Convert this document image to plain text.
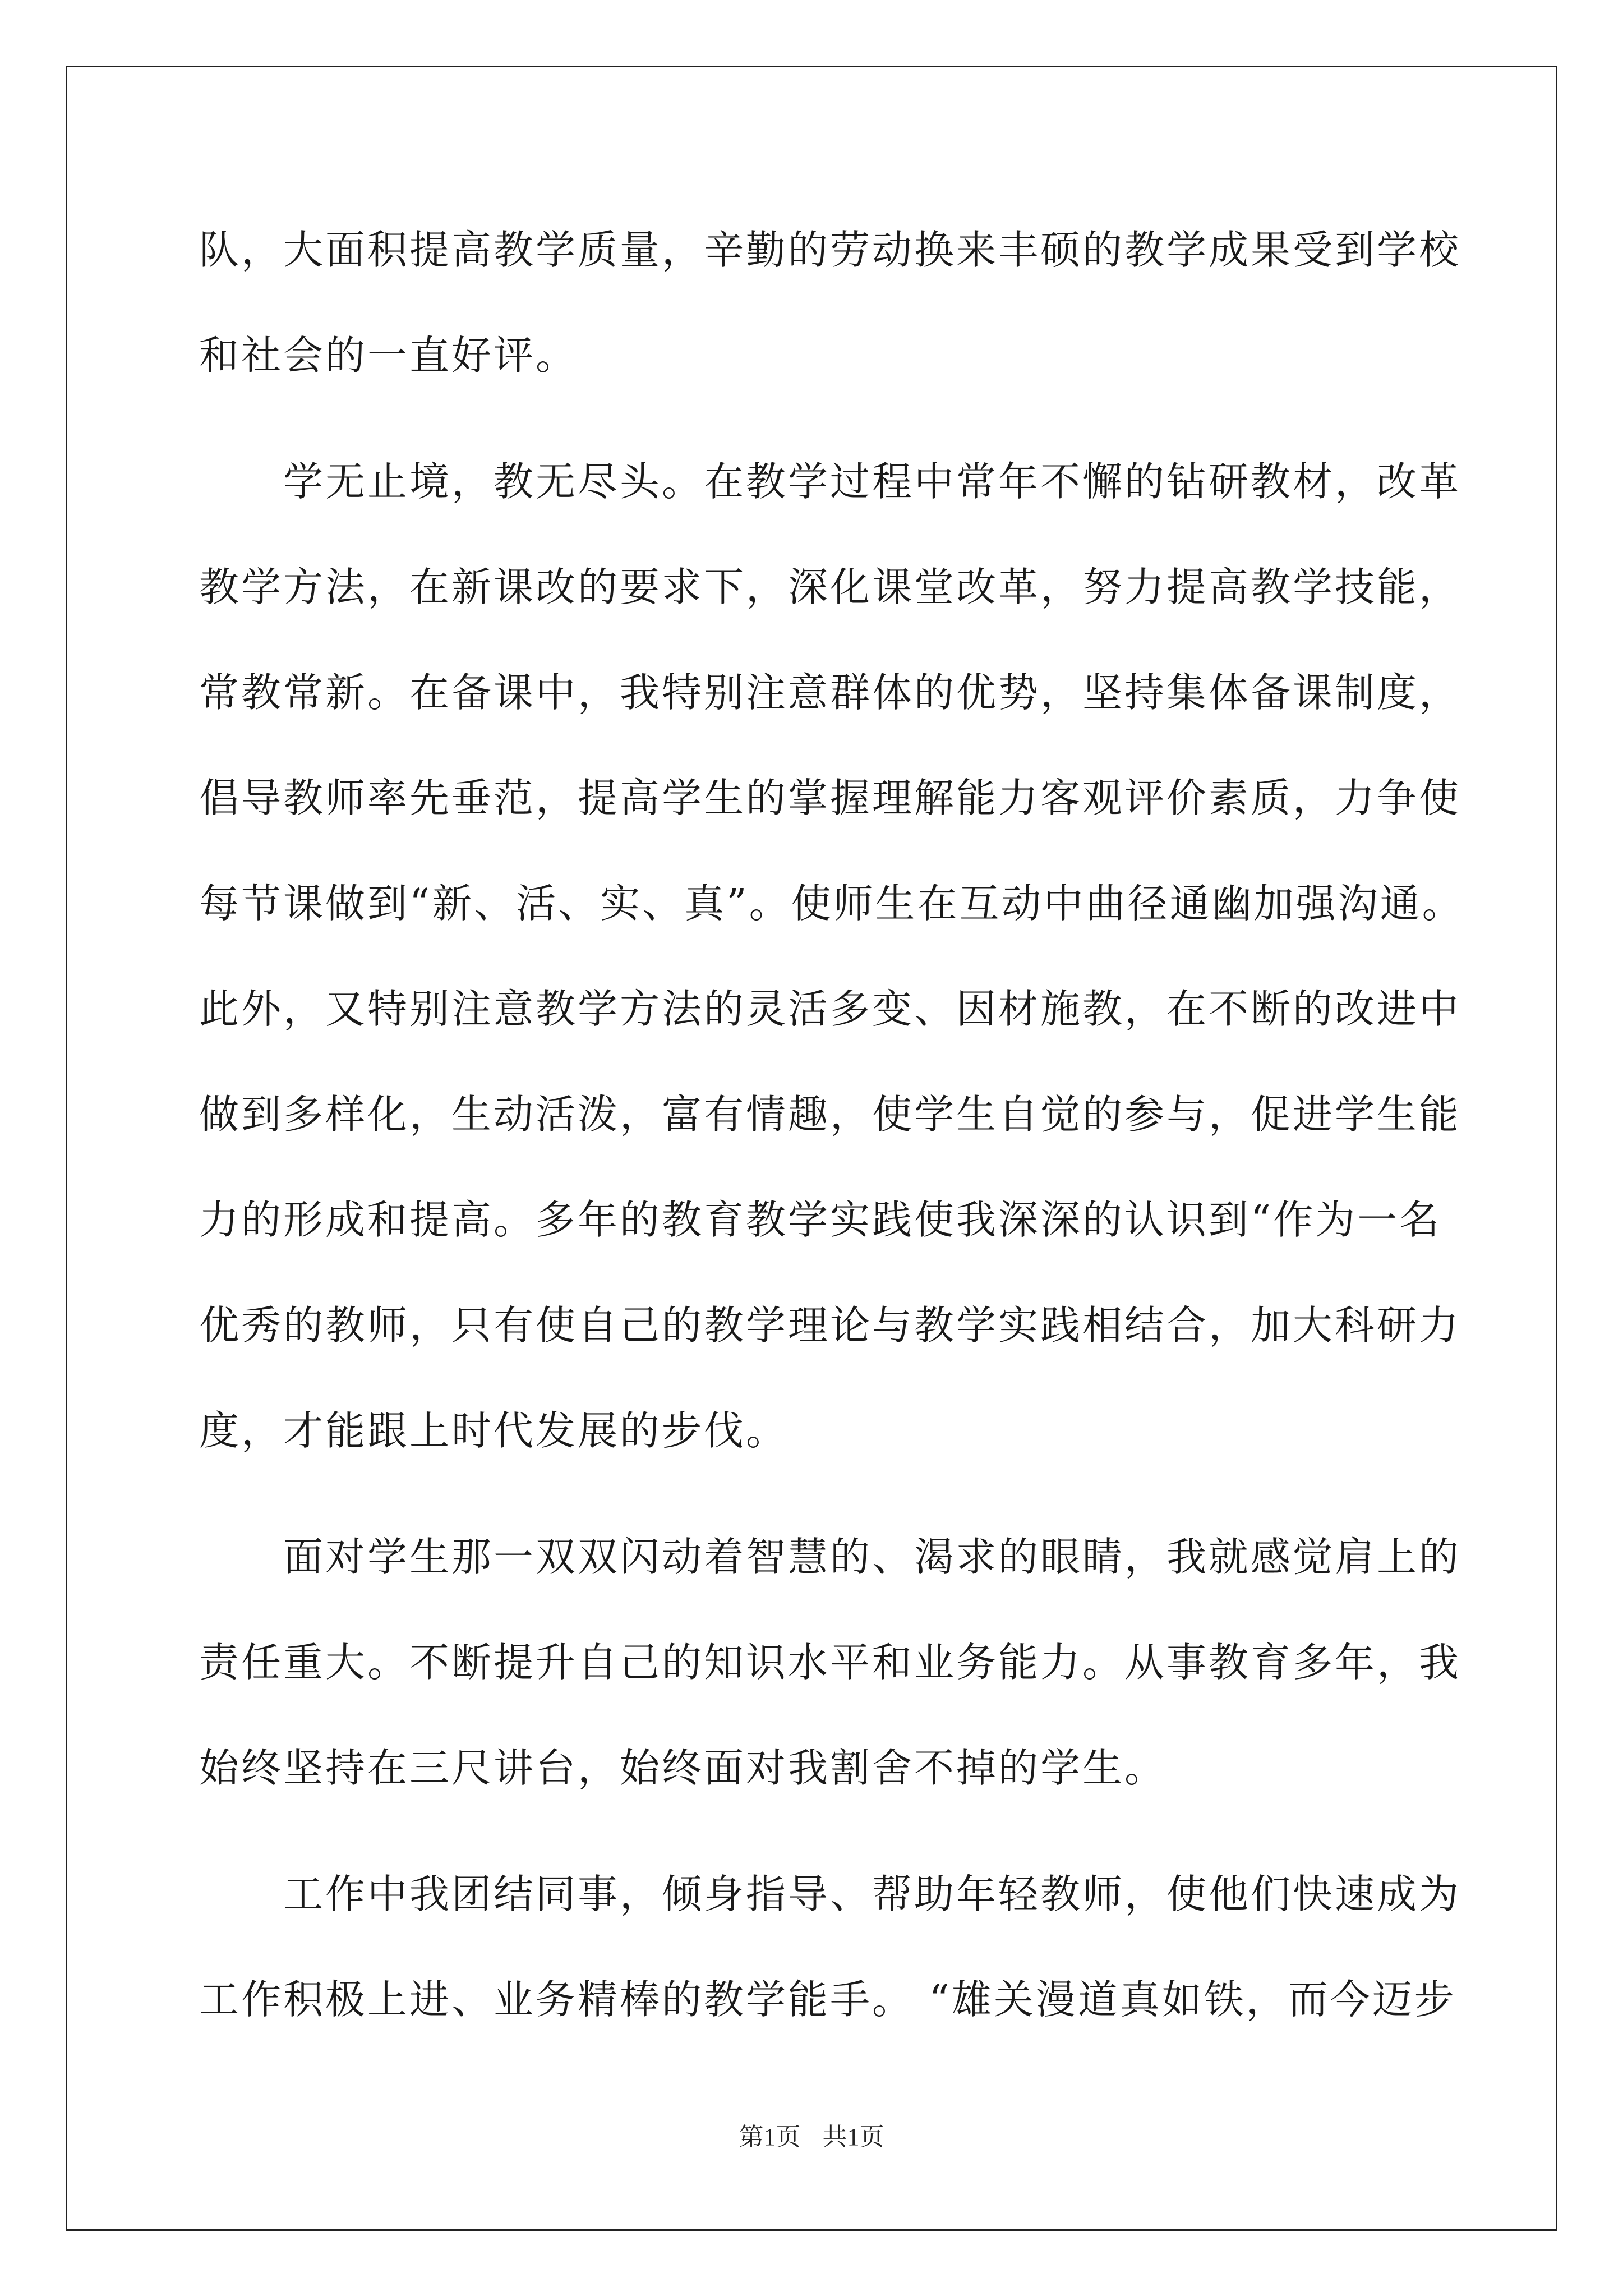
队，大面积提高教学质量，辛勤的劳动换来丰硕的教学成果受到学校
和社会的一直好评。
学无止境，教无尽头。在教学过程中常年不懈的钻研教材，改革
教学方法，在新课改的要求下，深化课堂改革，努力提高教学技能，
常教常新。在备课中，我特别注意群体的优势，坚持集体备课制度，
倡导教师率先垂范，提高学生的掌握理解能力客观评价素质，力争使
每节课做到“新、活、实、真”。使师生在互动中曲径通幽加强沟通。
此外，又特别注意教学方法的灵活多变、因材施教，在不断的改进中
做到多样化，生动活泼，富有情趣，使学生自觉的参与，促进学生能
力的形成和提高。多年的教育教学实践使我深深的认识到“作为一名
优秀的教师，只有使自己的教学理论与教学实践相结合，加大科研力
度，才能跟上时代发展的步伐。
面对学生那一双双闪动着智慧的、渴求的眼睛，我就感觉肩上的
责任重大。不断提升自己的知识水平和业务能力。从事教育多年，我
始终坚持在三尺讲台，始终面对我割舍不掉的学生。
工作中我团结同事，倾身指导、帮助年轻教师，使他们快速成为
工作积极上进、业务精棒的教学能手。 “雄关漫道真如铁，而今迈步
第1页 共1页
